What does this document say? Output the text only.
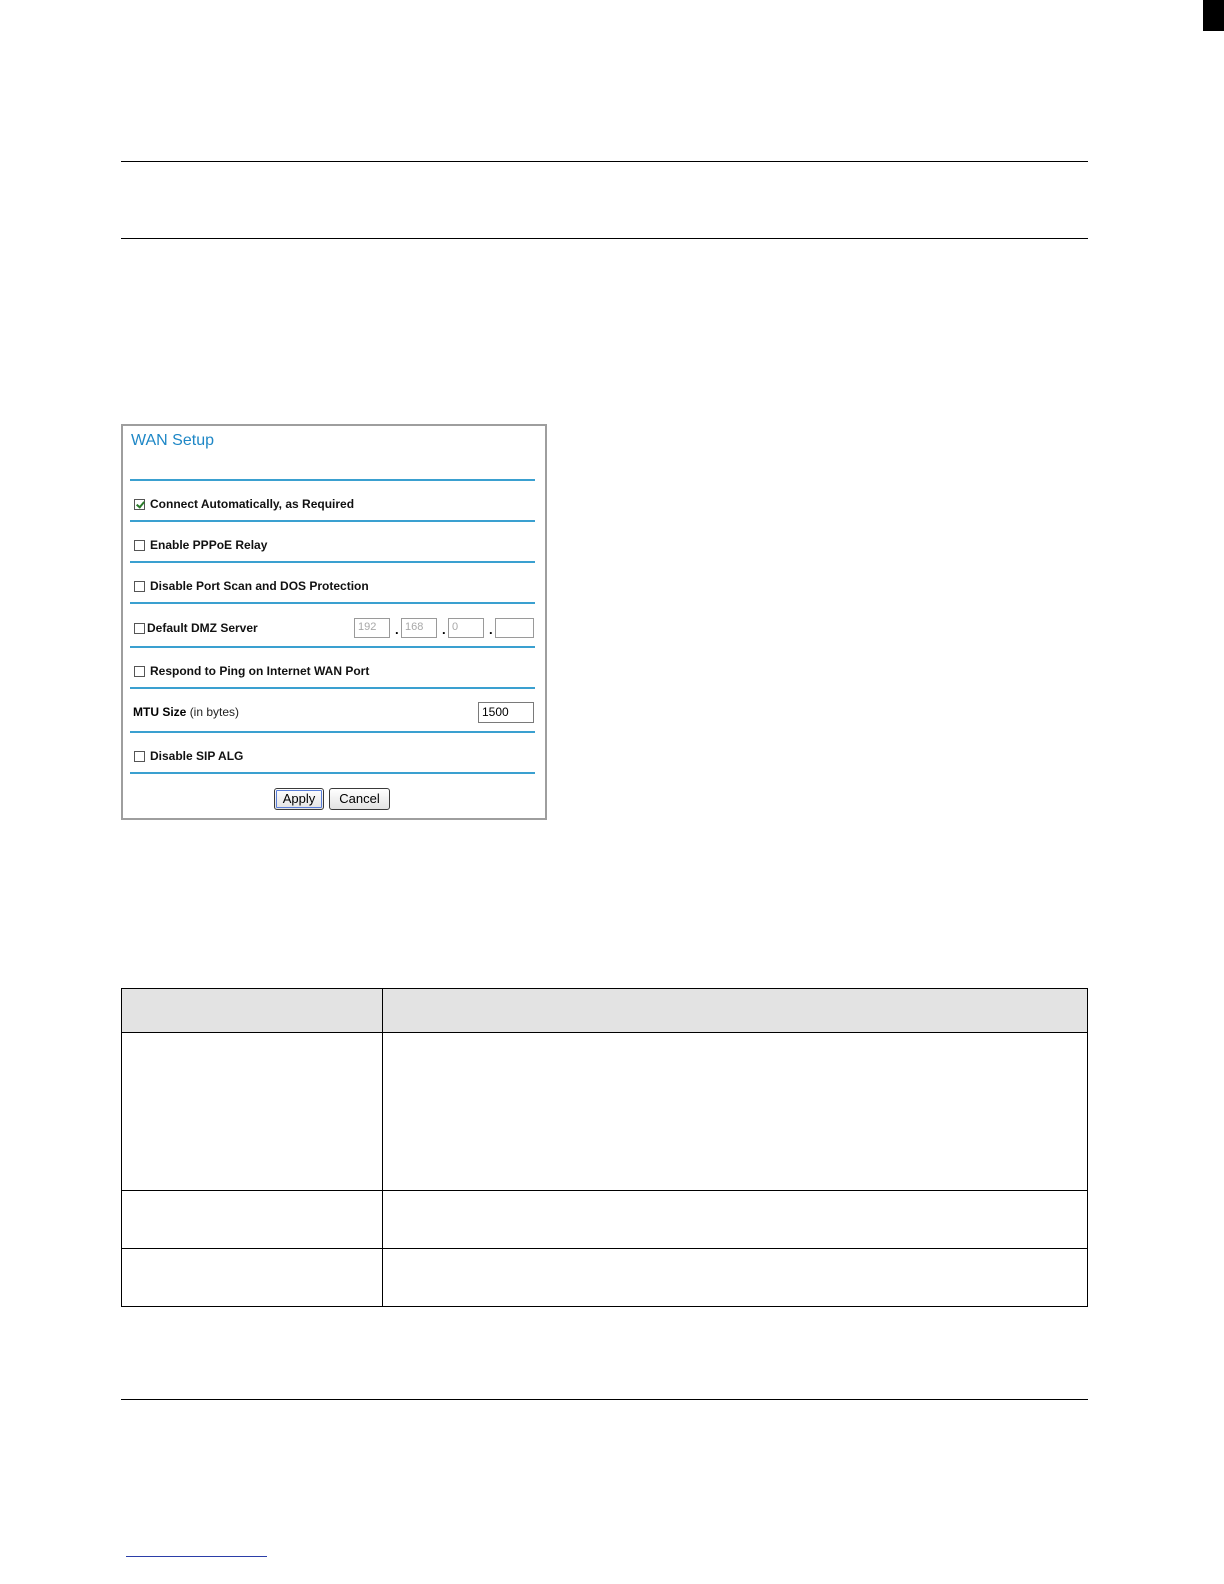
WAN Setup
Connect Automatically, as Required
Enable PPPoE Relay
Disable Port Scan and DOS Protection
Default DMZ Server	192	. 168	. 0	.
Respond to Ping on Internet WAN Port
MTU Size (in bytes)	1500
Disable SIP ALG
Apply	Cancel
